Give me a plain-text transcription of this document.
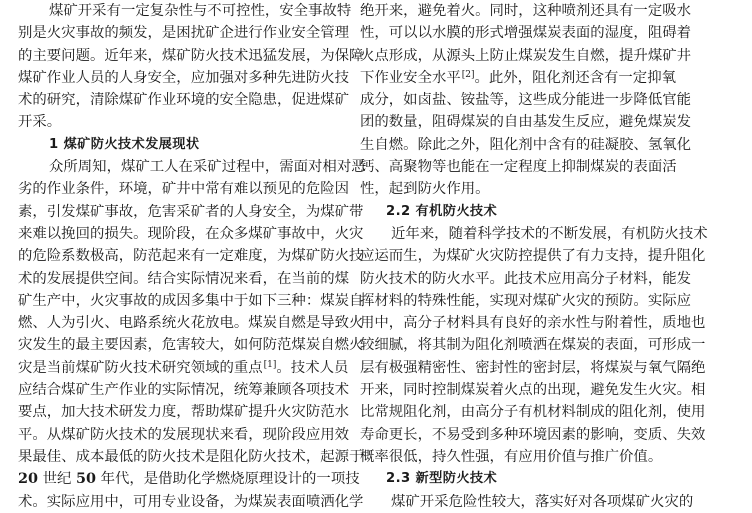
煤矿开采有一定复杂性与不可控性，安全事故特
别是火灾事故的频发，是困扰矿企进行作业安全管理
的主要问题。近年来，煤矿防火技术迅猛发展，为保障
煤矿作业人员的人身安全，应加强对多种先进防火技
术的研究，清除煤矿作业环境的安全隐患，促进煤矿
开采。
1 煤矿防火技术发展现状
众所周知，煤矿工人在采矿过程中，需面对相对恶
劣的作业条件，环境，矿井中常有难以预见的危险因
素，引发煤矿事故，危害采矿者的人身安全，为煤矿带
来难以挽回的损失。现阶段，在众多煤矿事故中，火灾
的危险系数极高，防范起来有一定难度，为煤矿防火技
术的发展提供空间。结合实际情况来看，在当前的煤
矿生产中，火灾事故的成因多集中于如下三种：煤炭自
燃、人为引火、电路系统火花放电。煤炭自燃是导致火
灾发生的最主要因素，危害较大，如何防范煤炭自燃火
灾是当前煤矿防火技术研究领域的重点[1]。技术人员
应结合煤矿生产作业的实际情况，统筹兼顾各项技术
要点，加大技术研发力度，帮助煤矿提升火灾防范水
平。从煤矿防火技术的发展现状来看，现阶段应用效
果最佳、成本最低的防火技术是阻化防火技术，起源于
20 世纪 50 年代，是借助化学燃烧原理设计的一项技
术。实际应用中，可用专业设备，为煤炭表面喷洒化学
绝开来，避免着火。同时，这种喷剂还具有一定吸水
性，可以以水膜的形式增强煤炭表面的湿度，阻碍着
火点形成，从源头上防止煤炭发生自燃，提升煤矿井
下作业安全水平[2]。此外，阻化剂还含有一定抑氧
成分，如卤盐、铵盐等，这些成分能进一步降低官能
团的数量，阻碍煤炭的自由基发生反应，避免煤炭发
生自燃。除此之外，阻化剂中含有的硅凝胶、氢氧化
钙、高聚物等也能在一定程度上抑制煤炭的表面活
性，起到防火作用。
2.2 有机防火技术
近年来，随着科学技术的不断发展，有机防火技术
应运而生，为煤矿火灾防控提供了有力支持，提升阻化
防火技术的防火水平。此技术应用高分子材料，能发
挥材料的特殊性能，实现对煤矿火灾的预防。实际应
用中，高分子材料具有良好的亲水性与附着性，质地也
较细腻，将其制为阻化剂喷洒在煤炭的表面，可形成一
层有极强精密性、密封性的密封层，将煤炭与氧气隔绝
开来，同时控制煤炭着火点的出现，避免发生火灾。相
比常规阻化剂，由高分子有机材料制成的阻化剂，使用
寿命更长，不易受到多种环境因素的影响，变质、失效
概率很低，持久性强，有应用价值与推广价值。
2.3 新型防火技术
煤矿开采危险性较大，落实好对各项煤矿火灾的
